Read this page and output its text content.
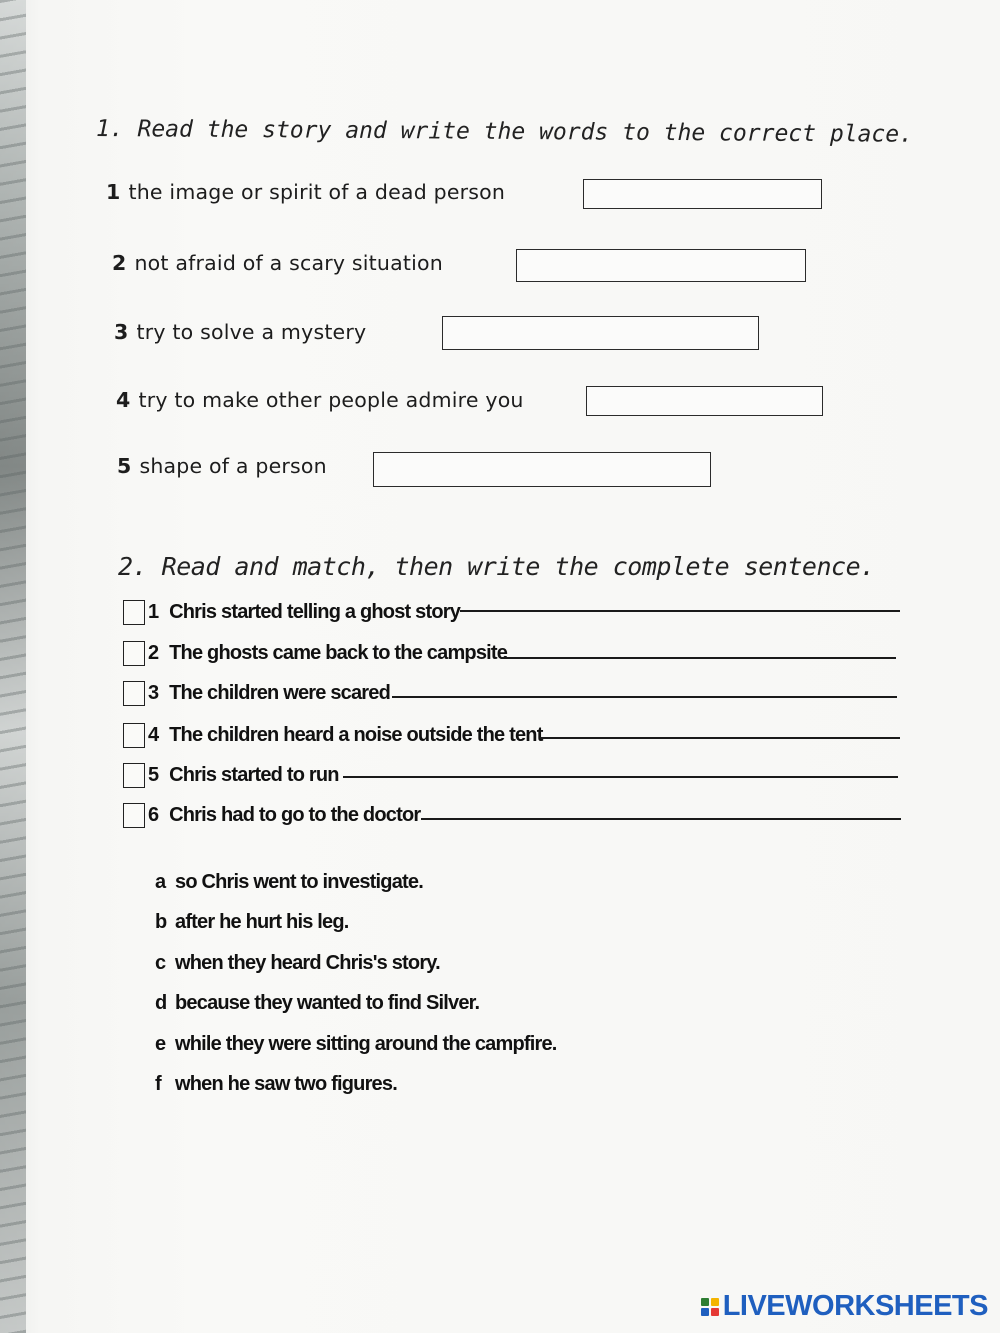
1. Read the story and write the words to the correct place.
1 the image or spirit of a dead person
2 not afraid of a scary situation
3 try to solve a mystery
4 try to make other people admire you
5 shape of a person
2. Read and match, then write the complete sentence.
1 Chris started telling a ghost story
2 The ghosts came back to the campsite
3 The children were scared
4 The children heard a noise outside the tent
5 Chris started to run
6 Chris had to go to the doctor
a so Chris went to investigate.
b after he hurt his leg.
c when they heard Chris's story.
d because they wanted to find Silver.
e while they were sitting around the campfire.
f when he saw two figures.
LIVEWORKSHEETS
